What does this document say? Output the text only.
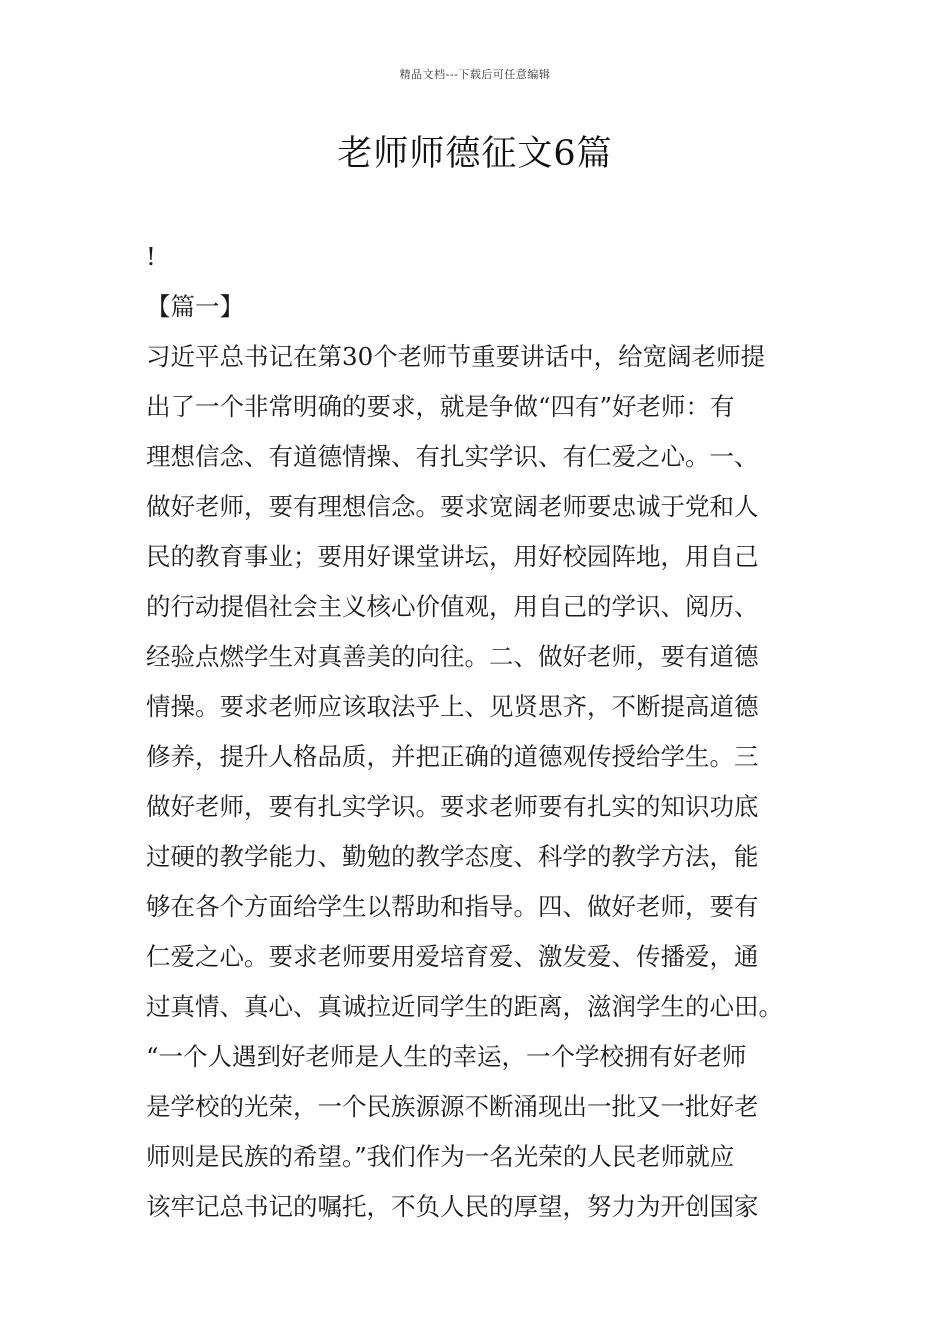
精品文档---下载后可任意编辑
老师师德征文6篇
!
【篇一】
习近平总书记在第30个老师节重要讲话中，给宽阔老师提
出了一个非常明确的要求，就是争做“四有”好老师：有
理想信念、有道德情操、有扎实学识、有仁爱之心。一、
做好老师，要有理想信念。要求宽阔老师要忠诚于党和人
民的教育事业；要用好课堂讲坛，用好校园阵地，用自己
的行动提倡社会主义核心价值观，用自己的学识、阅历、
经验点燃学生对真善美的向往。二、做好老师，要有道德
情操。要求老师应该取法乎上、见贤思齐，不断提高道德
修养，提升人格品质，并把正确的道德观传授给学生。三
做好老师，要有扎实学识。要求老师要有扎实的知识功底
过硬的教学能力、勤勉的教学态度、科学的教学方法，能
够在各个方面给学生以帮助和指导。四、做好老师，要有
仁爱之心。要求老师要用爱培育爱、激发爱、传播爱，通
过真情、真心、真诚拉近同学生的距离，滋润学生的心田。
“一个人遇到好老师是人生的幸运，一个学校拥有好老师
是学校的光荣，一个民族源源不断涌现出一批又一批好老
师则是民族的希望。”我们作为一名光荣的人民老师就应
该牢记总书记的嘱托，不负人民的厚望，努力为开创国家
